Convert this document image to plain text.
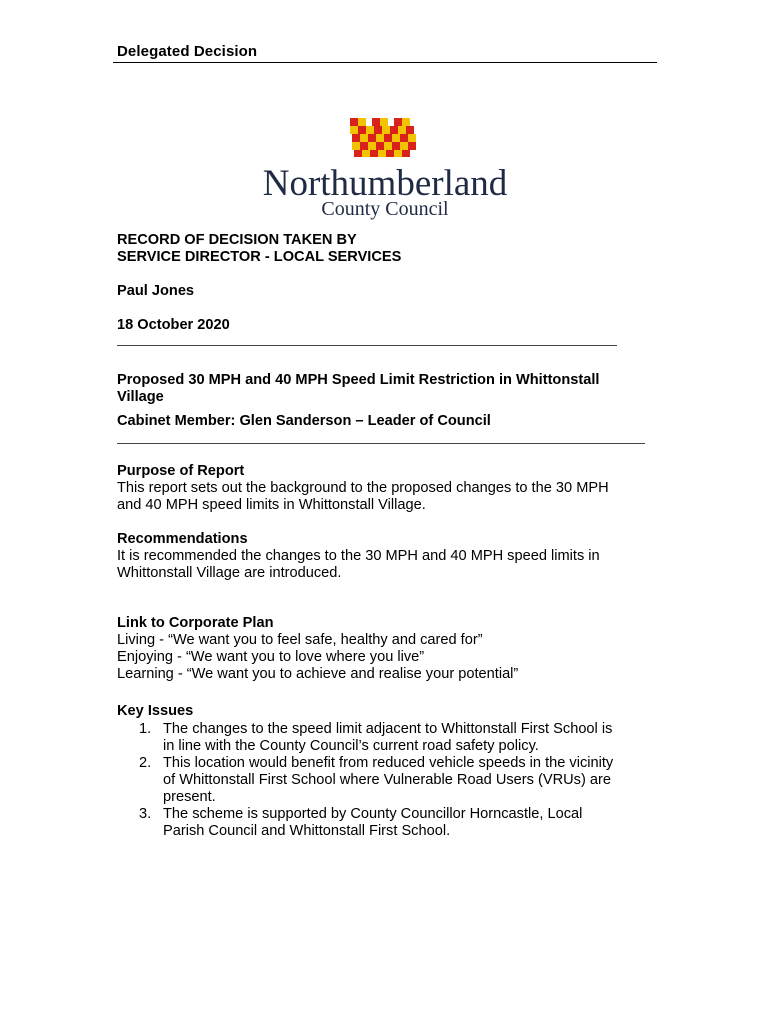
Delegated Decision
Northumberland
County Council
RECORD OF DECISION TAKEN BY
SERVICE DIRECTOR - LOCAL SERVICES
Paul Jones
18 October 2020
Proposed 30 MPH and 40 MPH Speed Limit Restriction in Whittonstall
Village
Cabinet Member: Glen Sanderson – Leader of Council
Purpose of Report
This report sets out the background to the proposed changes to the 30 MPH
and 40 MPH speed limits in Whittonstall Village.
Recommendations
It is recommended the changes to the 30 MPH and 40 MPH speed limits in
Whittonstall Village are introduced.
Link to Corporate Plan
Living - “We want you to feel safe, healthy and cared for”
Enjoying - “We want you to love where you live”
Learning - “We want you to achieve and realise your potential”
Key Issues
1. The changes to the speed limit adjacent to Whittonstall First School is
in line with the County Council’s current road safety policy.
2. This location would benefit from reduced vehicle speeds in the vicinity
of Whittonstall First School where Vulnerable Road Users (VRUs) are
present.
3. The scheme is supported by County Councillor Horncastle, Local
Parish Council and Whittonstall First School.
